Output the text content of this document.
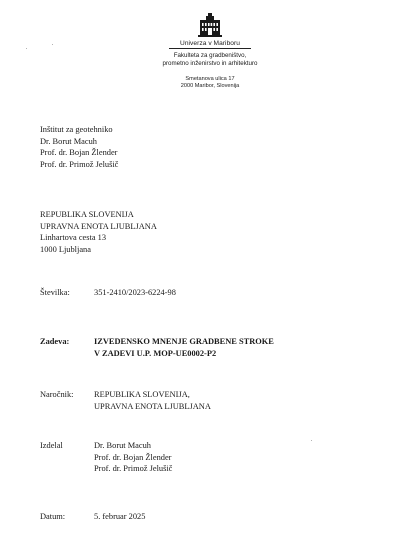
Univerza v Mariboru
Fakulteta za gradbeništvo,
prometno inženirstvo in arhitekturo
Smetanova ulica 17
2000 Maribor, Slovenija
Inštitut za geotehniko
Dr. Borut Macuh
Prof. dr. Bojan Žlender
Prof. dr. Primož Jelušič
REPUBLIKA SLOVENIJA
UPRAVNA ENOTA LJUBLJANA
Linhartova cesta 13
1000 Ljubljana
Številka:	351-2410/2023-6224-98
Zadeva:	IZVEDENSKO MNENJE GRADBENE STROKE
V ZADEVI U.P. MOP-UE0002-P2
Naročnik: REPUBLIKA SLOVENIJA,
UPRAVNA ENOTA LJUBLJANA
Izdelal	Dr. Borut Macuh
Prof. dr. Bojan Žlender
Prof. dr. Primož Jelušič
Datum:	5. februar 2025
